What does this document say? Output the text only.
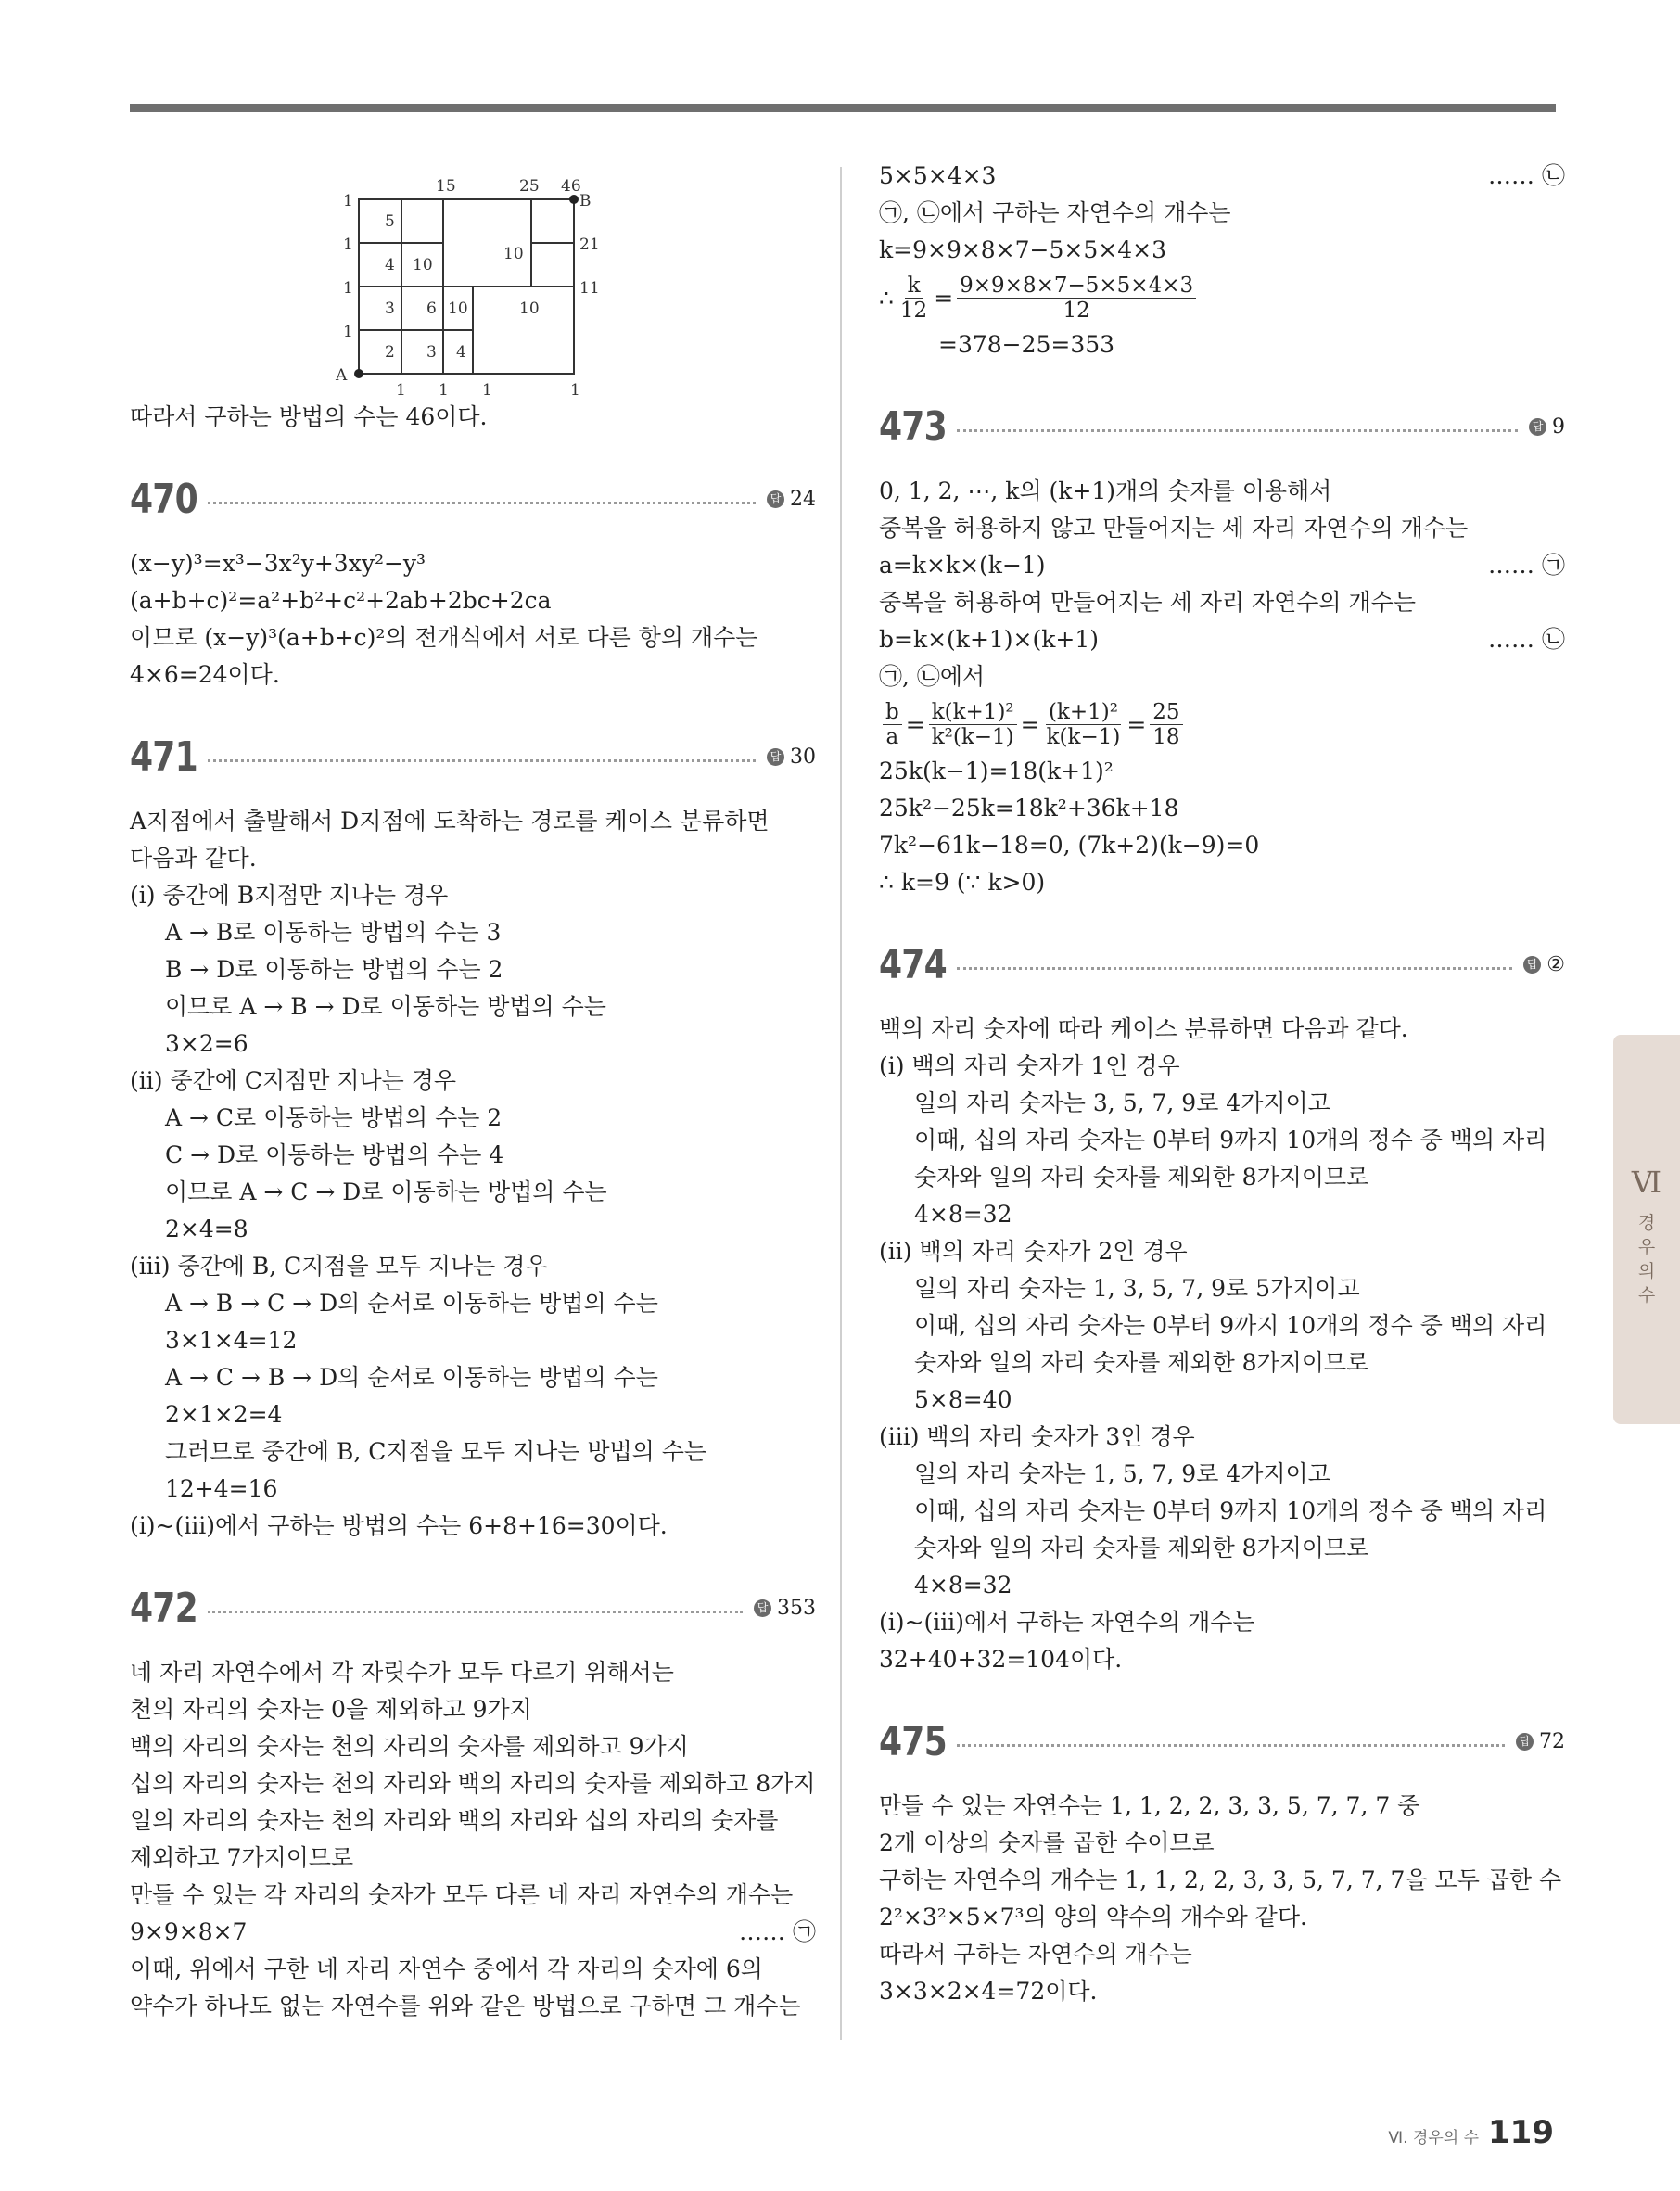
A
B
1
1
1
1
15	25 46
21
11
1 1 1	1
5
4 10
10
3 6 10	10
2 3 4
따라서 구하는 방법의 수는 46이다.
470	답 24
(x−y)³=x³−3x²y+3xy²−y³
(a+b+c)²=a²+b²+c²+2ab+2bc+2ca
이므로 (x−y)³(a+b+c)²의 전개식에서 서로 다른 항의 개수는
4×6=24이다.
471	답 30
A지점에서 출발해서 D지점에 도착하는 경로를 케이스 분류하면
다음과 같다.
(ⅰ) 중간에 B지점만 지나는 경우
A → B로 이동하는 방법의 수는 3
B → D로 이동하는 방법의 수는 2
이므로 A → B → D로 이동하는 방법의 수는
3×2=6
(ⅱ) 중간에 C지점만 지나는 경우
A → C로 이동하는 방법의 수는 2
C → D로 이동하는 방법의 수는 4
이므로 A → C → D로 이동하는 방법의 수는
2×4=8
(ⅲ) 중간에 B, C지점을 모두 지나는 경우
A → B → C → D의 순서로 이동하는 방법의 수는
3×1×4=12
A → C → B → D의 순서로 이동하는 방법의 수는
2×1×2=4
그러므로 중간에 B, C지점을 모두 지나는 방법의 수는
12+4=16
(ⅰ)~(ⅲ)에서 구하는 방법의 수는 6+8+16=30이다.
472	답 353
네 자리 자연수에서 각 자릿수가 모두 다르기 위해서는
천의 자리의 숫자는 0을 제외하고 9가지
백의 자리의 숫자는 천의 자리의 숫자를 제외하고 9가지
십의 자리의 숫자는 천의 자리와 백의 자리의 숫자를 제외하고 8가지
일의 자리의 숫자는 천의 자리와 백의 자리와 십의 자리의 숫자를
제외하고 7가지이므로
만들 수 있는 각 자리의 숫자가 모두 다른 네 자리 자연수의 개수는
9×9×8×7	…… ㉠
이때, 위에서 구한 네 자리 자연수 중에서 각 자리의 숫자에 6의
약수가 하나도 없는 자연수를 위와 같은 방법으로 구하면 그 개수는
5×5×4×3	…… ㉡
㉠, ㉡에서 구하는 자연수의 개수는
k=9×9×8×7−5×5×4×3
∴ $\frac{k}{12} = \frac{9\times 9\times 8\times 7-5\times 5\times 4\times 3}{12}$
=378−25=353
473	답 9
0, 1, 2, ⋯, k의 (k+1)개의 숫자를 이용해서
중복을 허용하지 않고 만들어지는 세 자리 자연수의 개수는
a=k×k×(k−1)	…… ㉠
중복을 허용하여 만들어지는 세 자리 자연수의 개수는
b=k×(k+1)×(k+1)	…… ㉡
㉠, ㉡에서
$\frac{b}{a} = \frac{\text{k(k+1)²}}{\text{k²(k−1)}} = \frac{\text{(k+1)²}}{k(k-1)} = \frac{25}{18}$
25k(k−1)=18(k+1)²
25k²−25k=18k²+36k+18
7k²−61k−18=0, (7k+2)(k−9)=0
∴ k=9 (∵ k>0)
474	답 ②
백의 자리 숫자에 따라 케이스 분류하면 다음과 같다.
(ⅰ) 백의 자리 숫자가 1인 경우
일의 자리 숫자는 3, 5, 7, 9로 4가지이고
이때, 십의 자리 숫자는 0부터 9까지 10개의 정수 중 백의 자리
숫자와 일의 자리 숫자를 제외한 8가지이므로
4×8=32
(ⅱ) 백의 자리 숫자가 2인 경우
일의 자리 숫자는 1, 3, 5, 7, 9로 5가지이고
이때, 십의 자리 숫자는 0부터 9까지 10개의 정수 중 백의 자리
숫자와 일의 자리 숫자를 제외한 8가지이므로
5×8=40
(ⅲ) 백의 자리 숫자가 3인 경우
일의 자리 숫자는 1, 5, 7, 9로 4가지이고
이때, 십의 자리 숫자는 0부터 9까지 10개의 정수 중 백의 자리
숫자와 일의 자리 숫자를 제외한 8가지이므로
4×8=32
(ⅰ)~(ⅲ)에서 구하는 자연수의 개수는
32+40+32=104이다.
475	답 72
만들 수 있는 자연수는 1, 1, 2, 2, 3, 3, 5, 7, 7, 7 중
2개 이상의 숫자를 곱한 수이므로
구하는 자연수의 개수는 1, 1, 2, 2, 3, 3, 5, 7, 7, 7을 모두 곱한 수
2²×3²×5×7³의 양의 약수의 개수와 같다.
따라서 구하는 자연수의 개수는
3×3×2×4=72이다.
Ⅵ
경
우
의
수
Ⅵ. 경우의 수 119
